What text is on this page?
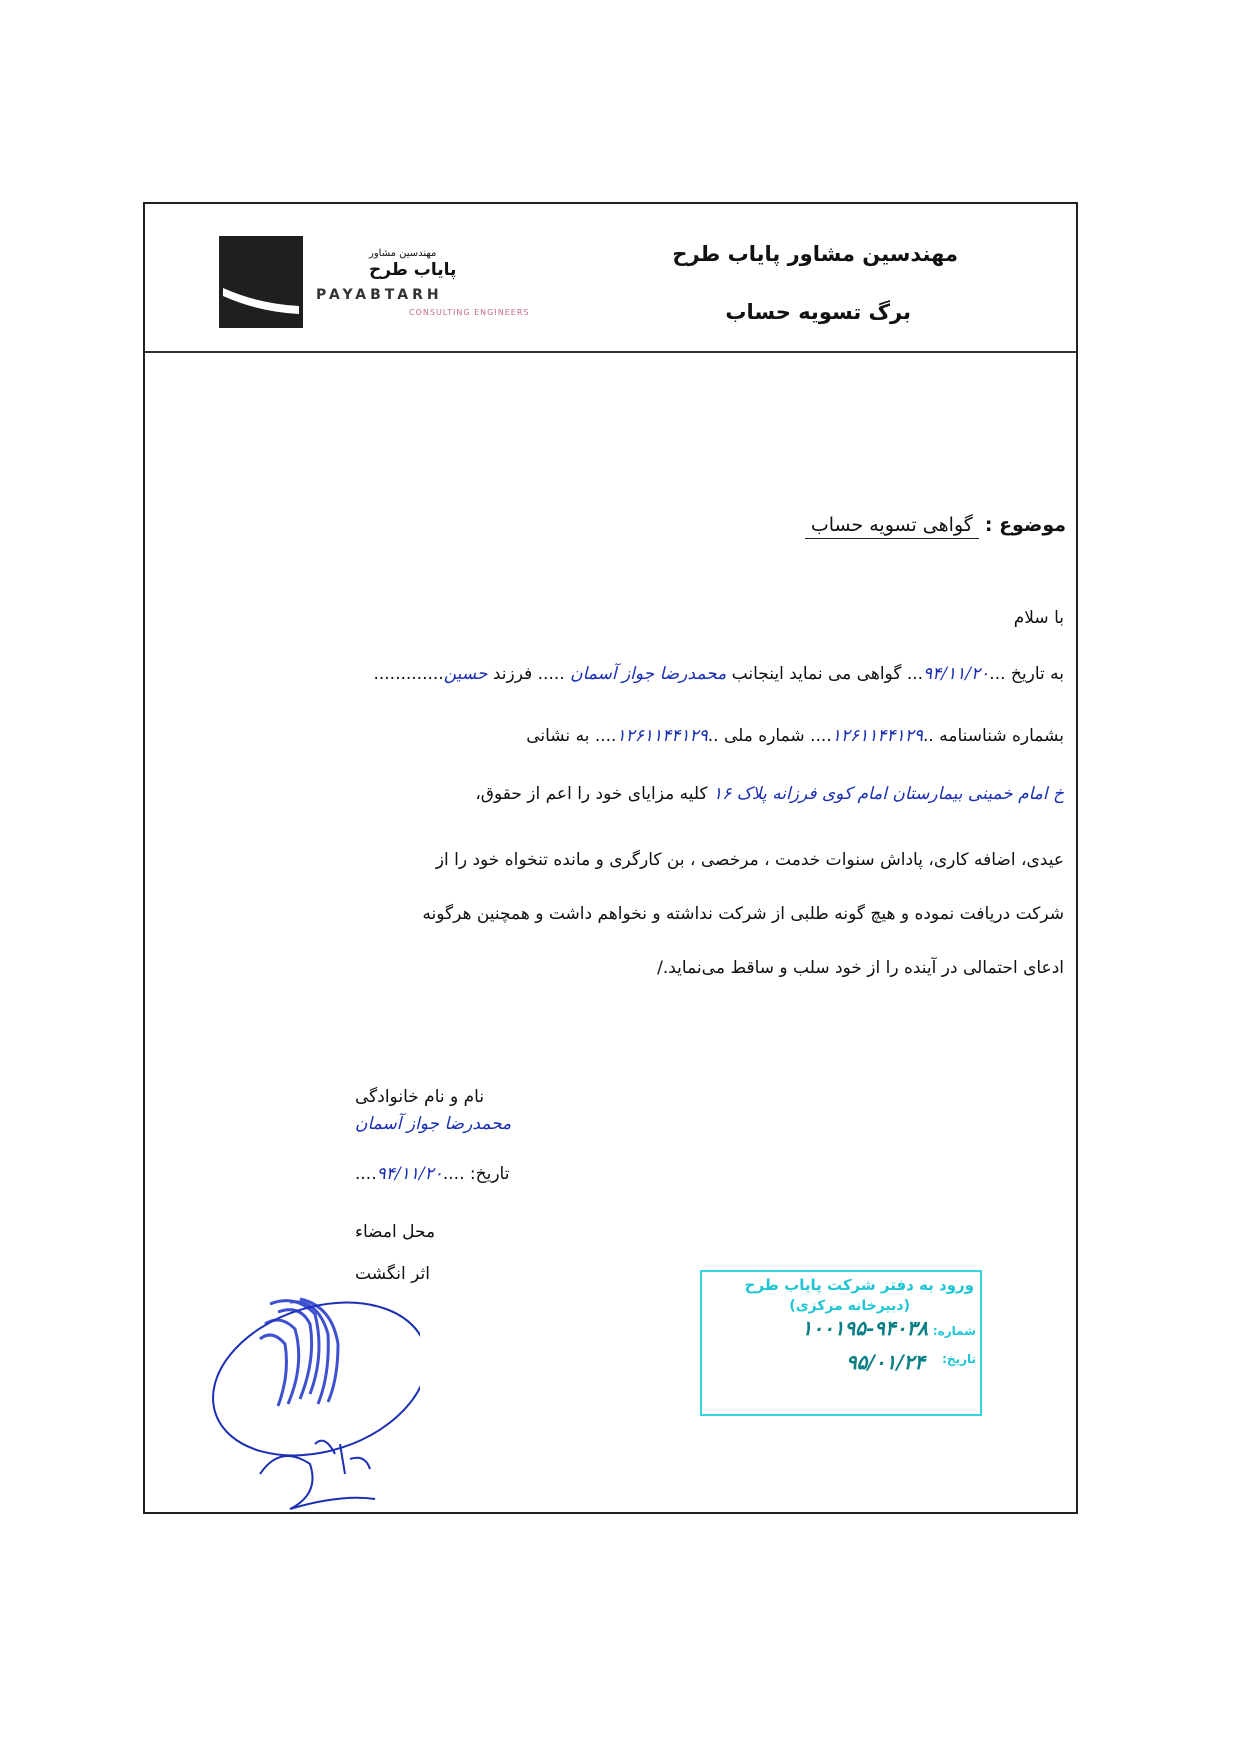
مهندسین مشاور
پایاب طرح
PAYABTARH
CONSULTING ENGINEERS
مهندسین مشاور پایاب طرح
برگ تسویه حساب
موضوع : گواهی تسویه حساب
با سلام
به تاریخ ...۹۴/۱۱/۲۰... گواهی می نماید اینجانب محمدرضا جواز آسمان ..... فرزند حسین.............
بشماره شناسنامه ..۱۲۶۱۱۴۴۱۲۹.... شماره ملی ..۱۲۶۱۱۴۴۱۲۹.... به نشانی
خ امام خمینی بیمارستان امام کوی فرزانه پلاک ۱۶ کلیه مزایای خود را اعم از حقوق،
عیدی، اضافه کاری، پاداش سنوات خدمت ، مرخصی ، بن کارگری و مانده تنخواه خود را از
شرکت دریافت نموده و هیچ گونه طلبی از شرکت نداشته و نخواهم داشت و همچنین هرگونه
ادعای احتمالی در آینده را از خود سلب و ساقط می‌نماید./
نام و نام خانوادگی
محمدرضا جواز آسمان
تاریخ: ....۹۴/۱۱/۲۰....
محل امضاء
اثر انگشت
ورود به دفتر شرکت پایاب طرح
(دبیرخانه مرکزی)
شماره:
۱۰۰۱۹۵-۹۴۰۳۸
تاریخ:
۹۵/۰۱/۲۴
